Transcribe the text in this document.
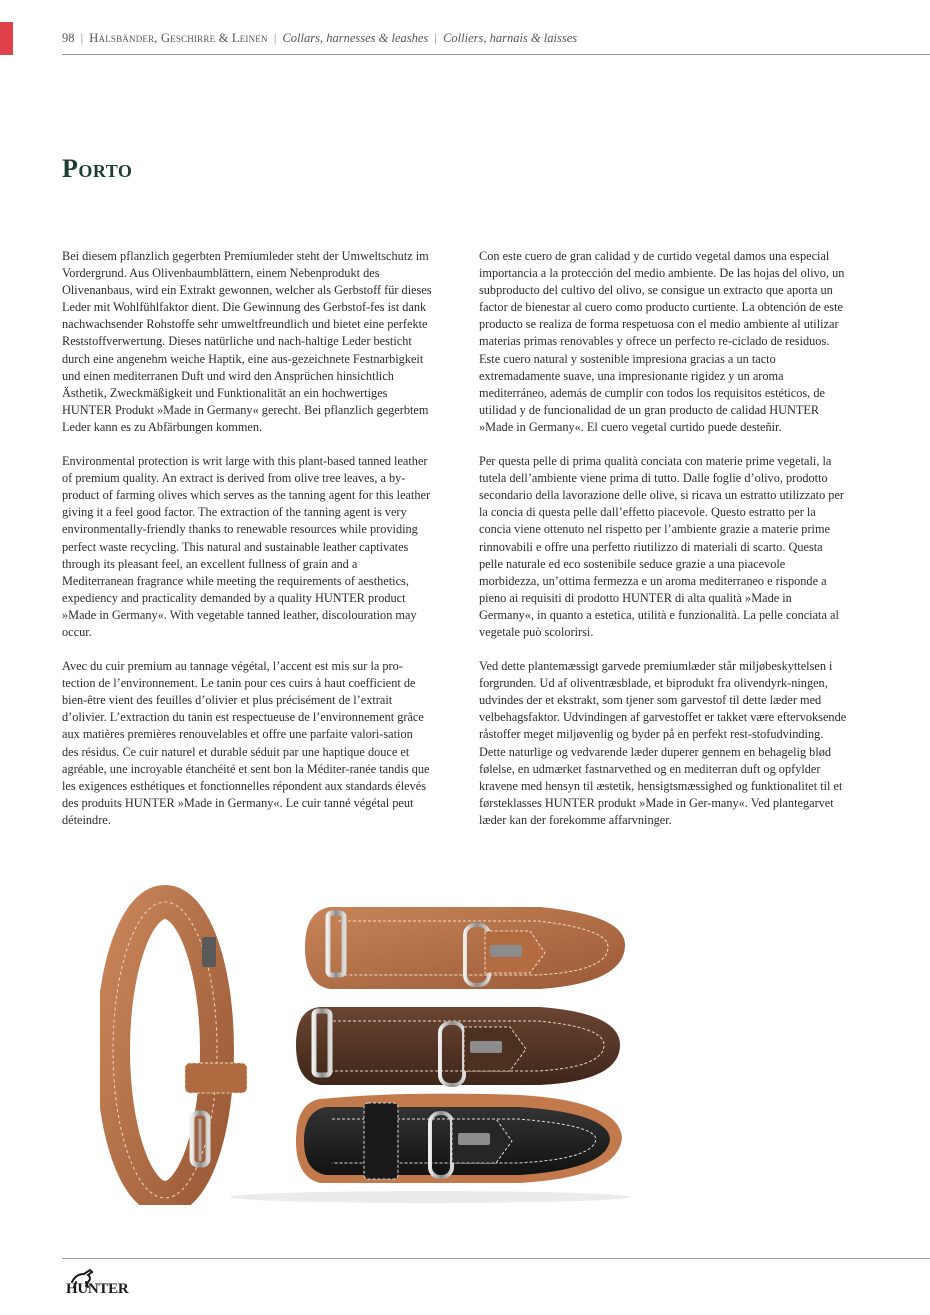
98 | Halsbänder, Geschirre & Leinen | Collars, harnesses & leashes | Colliers, harnais & laisses
Porto

Bei diesem pflanzlich gegerbten Premiumleder steht der Umweltschutz im Vordergrund. Aus Olivenbaumblättern, einem Nebenprodukt des Olivenanbaus, wird ein Extrakt gewonnen, welcher als Gerbstoff für dieses Leder mit Wohlfühlfaktor dient. Die Gewinnung des Gerbstof-fes ist dank nachwachsender Rohstoffe sehr umweltfreundlich und bietet eine perfekte Reststoffverwertung. Dieses natürliche und nach-haltige Leder besticht durch eine angenehm weiche Haptik, eine aus-gezeichnete Festnarbigkeit und einen mediterranen Duft und wird den Ansprüchen hinsichtlich Ästhetik, Zweckmäßigkeit und Funktionalität an ein hochwertiges HUNTER Produkt »Made in Germany« gerecht. Bei pflanzlich gegerbtem Leder kann es zu Abfärbungen kommen.

Environmental protection is writ large with this plant-based tanned leather of premium quality. An extract is derived from olive tree leaves, a by-product of farming olives which serves as the tanning agent for this leather giving it a feel good factor. The extraction of the tanning agent is very environmentally-friendly thanks to renewable resources while providing perfect waste recycling. This natural and sustainable leather captivates through its pleasant feel, an excellent fullness of grain and a Mediterranean fragrance while meeting the requirements of aesthetics, expediency and practicality demanded by a quality HUNTER product »Made in Germany«. With vegetable tanned leather, discolouration may occur.

Avec du cuir premium au tannage végétal, l’accent est mis sur la pro-tection de l’environnement. Le tanin pour ces cuirs à haut coefficient de bien-être vient des feuilles d’olivier et plus précisément de l’extrait d’olivier. L’extraction du tanin est respectueuse de l’environnement grâce aux matières premières renouvelables et offre une parfaite valori-sation des résidus. Ce cuir naturel et durable séduit par une haptique douce et agréable, une incroyable étanchéité et sent bon la Méditer-ranée tandis que les exigences esthétiques et fonctionnelles répondent aux standards élevés des produits HUNTER »Made in Germany«. Le cuir tanné végétal peut déteindre.

Con este cuero de gran calidad y de curtido vegetal damos una especial importancia a la protección del medio ambiente. De las hojas del olivo, un subproducto del cultivo del olivo, se consigue un extracto que aporta un factor de bienestar al cuero como producto curtiente. La obtención de este producto se realiza de forma respetuosa con el medio ambiente al utilizar materias primas renovables y ofrece un perfecto re-ciclado de residuos. Este cuero natural y sostenible impresiona gracias a un tacto extremadamente suave, una impresionante rigidez y un aroma mediterráneo, además de cumplir con todos los requisitos estéticos, de utilidad y de funcionalidad de un gran producto de calidad HUNTER »Made in Germany«. El cuero vegetal curtido puede desteñir.

Per questa pelle di prima qualità conciata con materie prime vegetali, la tutela dell’ambiente viene prima di tutto. Dalle foglie d’olivo, prodotto secondario della lavorazione delle olive, si ricava un estratto utilizzato per la concia di questa pelle dall’effetto piacevole. Questo estratto per la concia viene ottenuto nel rispetto per l’ambiente grazie a materie prime rinnovabili e offre una perfetto riutilizzo di materiali di scarto. Questa pelle naturale ed eco sostenibile seduce grazie a una piacevole morbidezza, un’ottima fermezza e un aroma mediterraneo e risponde a pieno ai requisiti di prodotto HUNTER di alta qualità »Made in Germany«, in quanto a estetica, utilità e funzionalità. La pelle conciata al vegetale può scolorirsi.

Ved dette plantemæssigt garvede premiumlæder står miljøbeskyttelsen i forgrunden. Ud af oliventræsblade, et biprodukt fra olivendyrk-ningen, udvindes der et ekstrakt, som tjener som garvestof til dette læder med velbehagsfaktor. Udvindingen af garvestoffet er takket være eftervoksende råstoffer meget miljøvenlig og byder på en perfekt rest-stofudvinding. Dette naturlige og vedvarende læder duperer gennem en behagelig blød følelse, en udmærket fastnarvethed og en mediterran duft og opfylder kravene med hensyn til æstetik, hensigtsmæssighed og funktionalitet til et førsteklasses HUNTER produkt »Made in Ger-many«. Ved plantegarvet læder kan der forekomme affarvninger.

HUNTER
